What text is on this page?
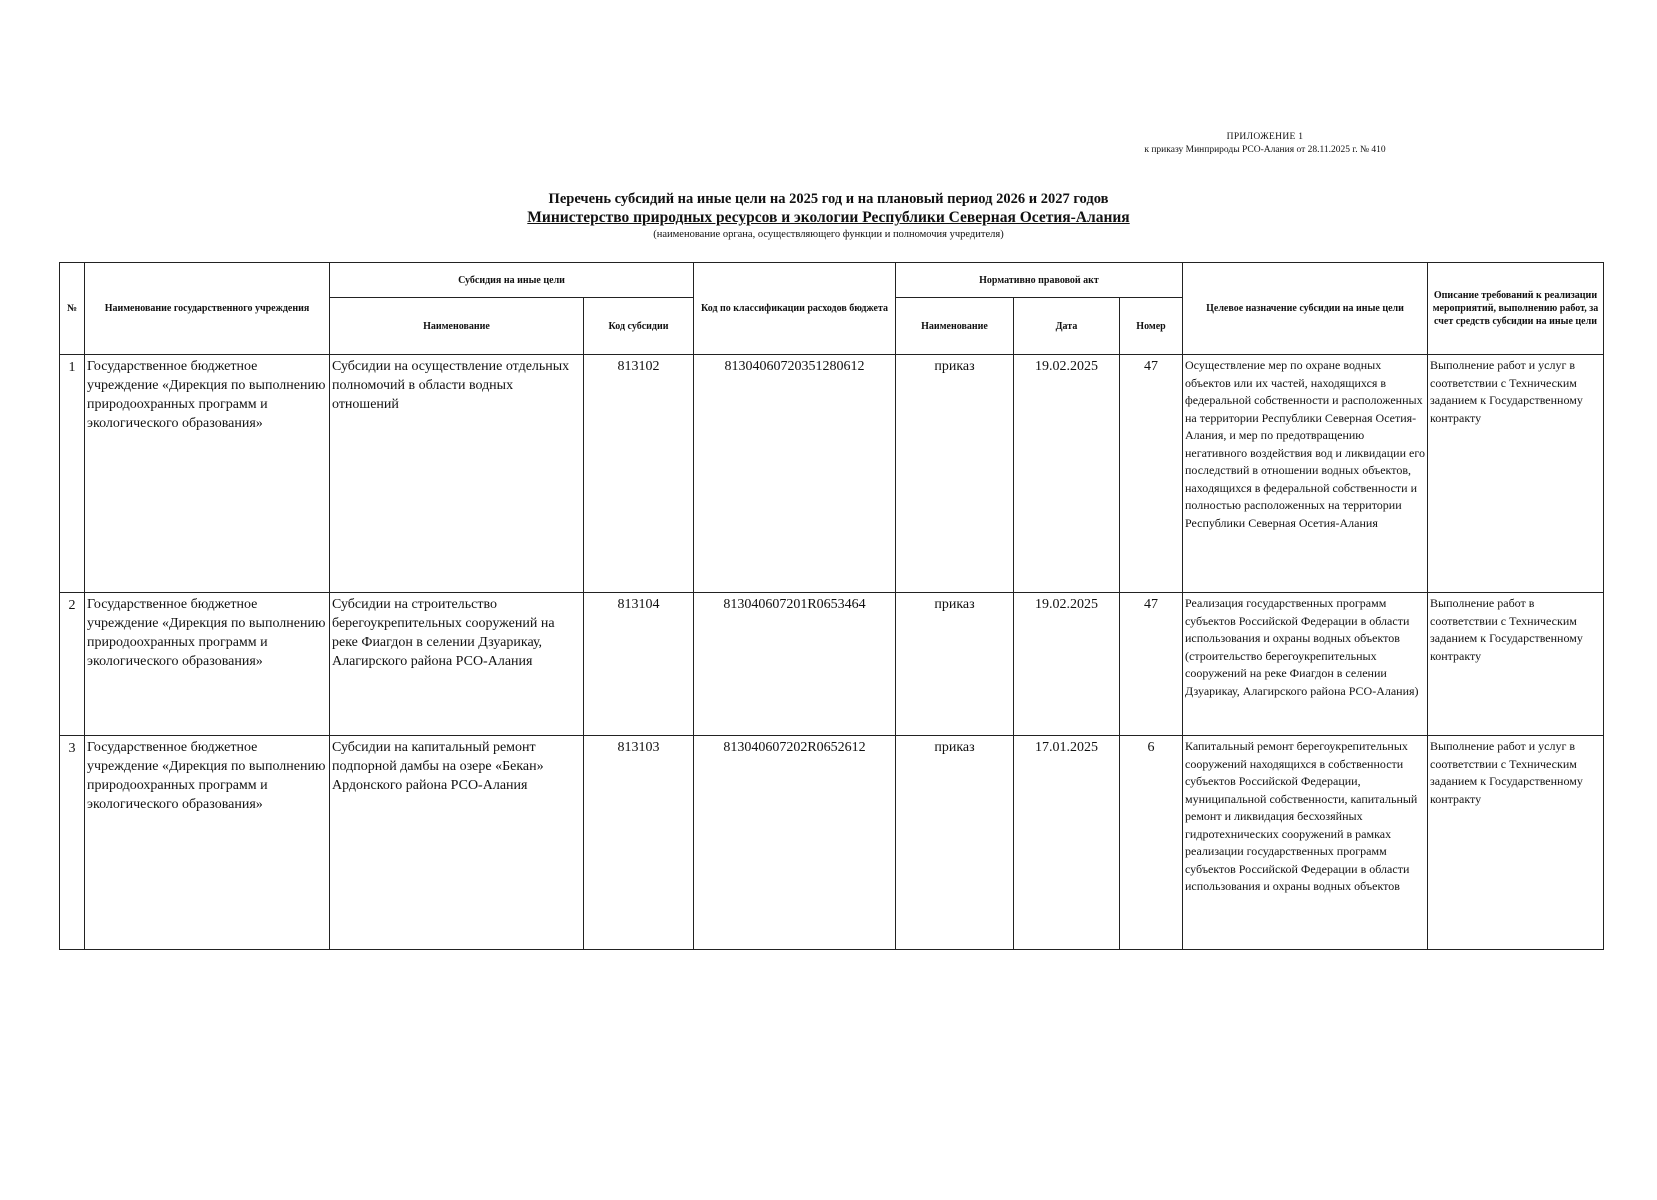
ПРИЛОЖЕНИЕ 1
к приказу Минприроды РСО-Алания от 28.11.2025 г. № 410
Перечень субсидий на иные цели на 2025 год и на плановый период 2026 и 2027 годов
Министерство природных ресурсов и экологии Республики Северная Осетия-Алания
(наименование органа, осуществляющего функции и полномочия учредителя)
№	Наименование государственного учреждения	Субсидия на иные цели		Код по классификации расходов бюджета	Нормативно правовой акт			Целевое назначение субсидии на иные цели	Описание требований к реализации мероприятий, выполнению работ, за счет средств субсидии на иные цели
		Наименование	Код субсидии		Наименование	Дата	Номер		
1	Государственное бюджетное учреждение «Дирекция по выполнению природоохранных программ и экологического образования»	Субсидии на осуществление отдельных полномочий в области водных отношений	813102	8130406072035128061​2	приказ	19.02.2025	47	Осуществление мер по охране водных объектов или их частей, находящихся в федеральной собственности и расположенных на территории Республики Северная Осетия-Алания, и мер по предотвращению негативного воздействия вод и ликвидации его последствий в отношении водных объектов, находящихся в федеральной собственности и полностью расположенных на территории Республики Северная Осетия-Алания	Выполнение работ и услуг в соответствии с Техническим заданием к Государственному контракту
2	Государственное бюджетное учреждение «Дирекция по выполнению природоохранных программ и экологического образования»	Субсидии на строительство берегоукрепительных сооружений на реке Фиагдон в селении Дзуарикау, Алагирского района РСО-Алания	813104	813040607201R0653464	приказ	19.02.2025	47	Реализация государственных программ субъектов Российской Федерации в области использования и охраны водных объектов (строительство берегоукрепительных сооружений на реке Фиагдон в селении Дзуарикау, Алагирского района РСО-Алания)	Выполнение работ в соответствии с Техническим заданием к Государственному контракту
3	Государственное бюджетное учреждение «Дирекция по выполнению природоохранных программ и экологического образования»	Субсидии на капитальный ремонт подпорной дамбы на озере «Бекан» Ардонского района РСО-Алания	813103	813040607202R0652612	приказ	17.01.2025	6	Капитальный ремонт берегоукрепительных сооружений находящихся в собственности субъектов Российской Федерации, муниципальной собственности, капитальный ремонт и ликвидация бесхозяйных гидротехнических сооружений в рамках реализации государственных программ субъектов Российской Федерации в области использования и охраны водных объектов	Выполнение работ и услуг в соответствии с Техническим заданием к Государственному контракту
